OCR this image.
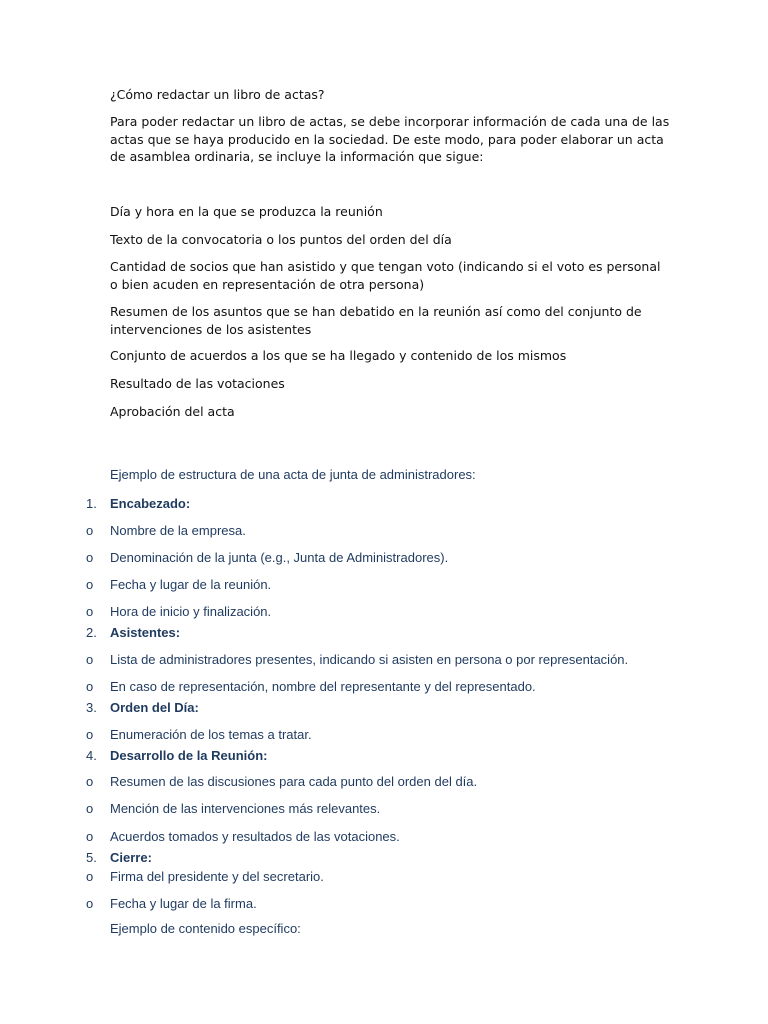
¿Cómo redactar un libro de actas?

Para poder redactar un libro de actas, se debe incorporar información de cada una de las actas que se haya producido en la sociedad. De este modo, para poder elaborar un acta de asamblea ordinaria, se incluye la información que sigue:

Día y hora en la que se produzca la reunión

Texto de la convocatoria o los puntos del orden del día

Cantidad de socios que han asistido y que tengan voto (indicando si el voto es personal o bien acuden en representación de otra persona)

Resumen de los asuntos que se han debatido en la reunión así como del conjunto de intervenciones de los asistentes

Conjunto de acuerdos a los que se ha llegado y contenido de los mismos

Resultado de las votaciones

Aprobación del acta

Ejemplo de estructura de una acta de junta de administradores:

1. Encabezado:

o Nombre de la empresa.

o Denominación de la junta (e.g., Junta de Administradores).

o Fecha y lugar de la reunión.

o Hora de inicio y finalización.

2. Asistentes:

o Lista de administradores presentes, indicando si asisten en persona o por representación.

o En caso de representación, nombre del representante y del representado.

3. Orden del Día:

o Enumeración de los temas a tratar.

4. Desarrollo de la Reunión:

o Resumen de las discusiones para cada punto del orden del día.

o Mención de las intervenciones más relevantes.

o Acuerdos tomados y resultados de las votaciones.

5. Cierre:

o Firma del presidente y del secretario.

o Fecha y lugar de la firma.

Ejemplo de contenido específico:
